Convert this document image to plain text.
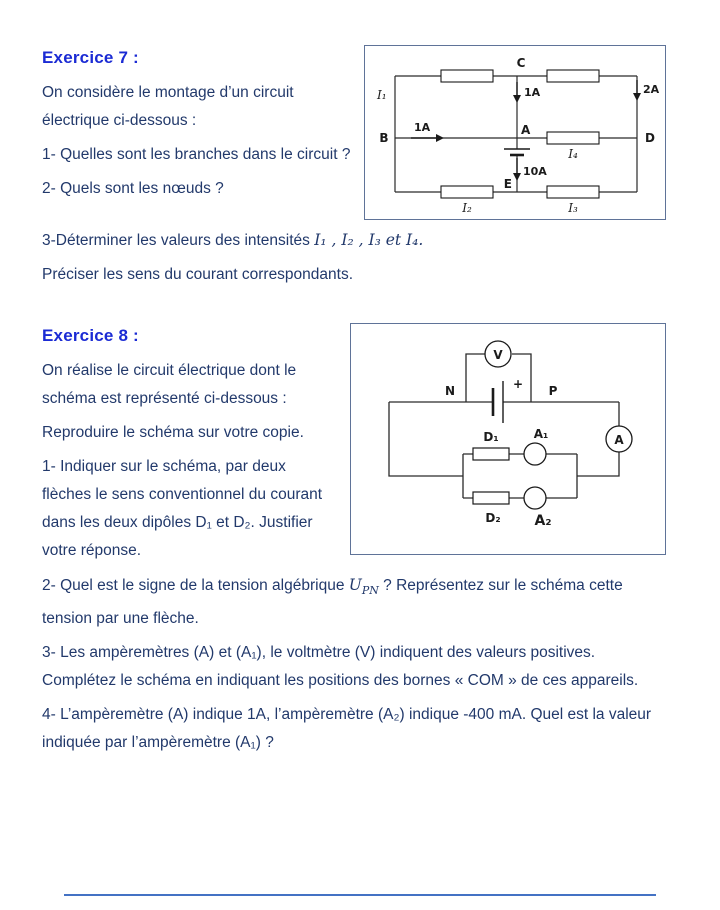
C
1A	2A
I₁
B
1A	A
I₄
10A
D
E
I₂	I₃
Exercice 7 :

On considère le montage d’un circuit électrique ci-dessous :

1- Quelles sont les branches dans le circuit ?

2- Quels sont les nœuds ?

3-Déterminer les valeurs des intensités I₁ , I₂ , I₃ et I₄.

Préciser les sens du courant correspondants.

V
+
N	P
D₁	A₁	A
D₂ A₂
Exercice 8 :

On réalise le circuit électrique dont le schéma est représenté ci-dessous :

Reproduire le schéma sur votre copie.

1- Indiquer sur le schéma, par deux flèches le sens conventionnel du courant dans les deux dipôles D₁ et D₂. Justifier votre réponse.

2- Quel est le signe de la tension algébrique $U_{PN}$ ? Représentez sur le schéma cette tension par une flèche.

3- Les ampèremètres (A) et (A₁), le voltmètre (V) indiquent des valeurs positives. Complétez le schéma en indiquant les positions des bornes « COM » de ces appareils.

4- L’ampèremètre (A) indique 1A, l’ampèremètre (A₂) indique -400 mA. Quel est la valeur indiquée par l’ampèremètre (A₁) ?
